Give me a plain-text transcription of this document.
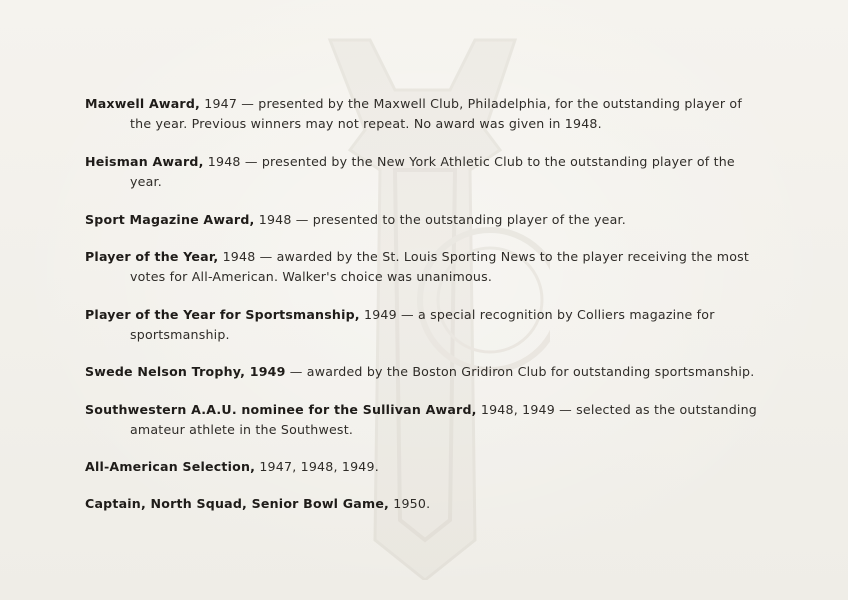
Maxwell Award, 1947 — presented by the Maxwell Club, Philadelphia, for the outstanding player of the year. Previous winners may not repeat. No award was given in 1948.

Heisman Award, 1948 — presented by the New York Athletic Club to the outstanding player of the year.

Sport Magazine Award, 1948 — presented to the outstanding player of the year.

Player of the Year, 1948 — awarded by the St. Louis Sporting News to the player receiving the most votes for All-American. Walker's choice was unanimous.

Player of the Year for Sportsmanship, 1949 — a special recognition by Colliers magazine for sportsmanship.

Swede Nelson Trophy, 1949 — awarded by the Boston Gridiron Club for outstanding sportsmanship.

Southwestern A.A.U. nominee for the Sullivan Award, 1948, 1949 — selected as the outstanding amateur athlete in the Southwest.

All-American Selection, 1947, 1948, 1949.

Captain, North Squad, Senior Bowl Game, 1950.
